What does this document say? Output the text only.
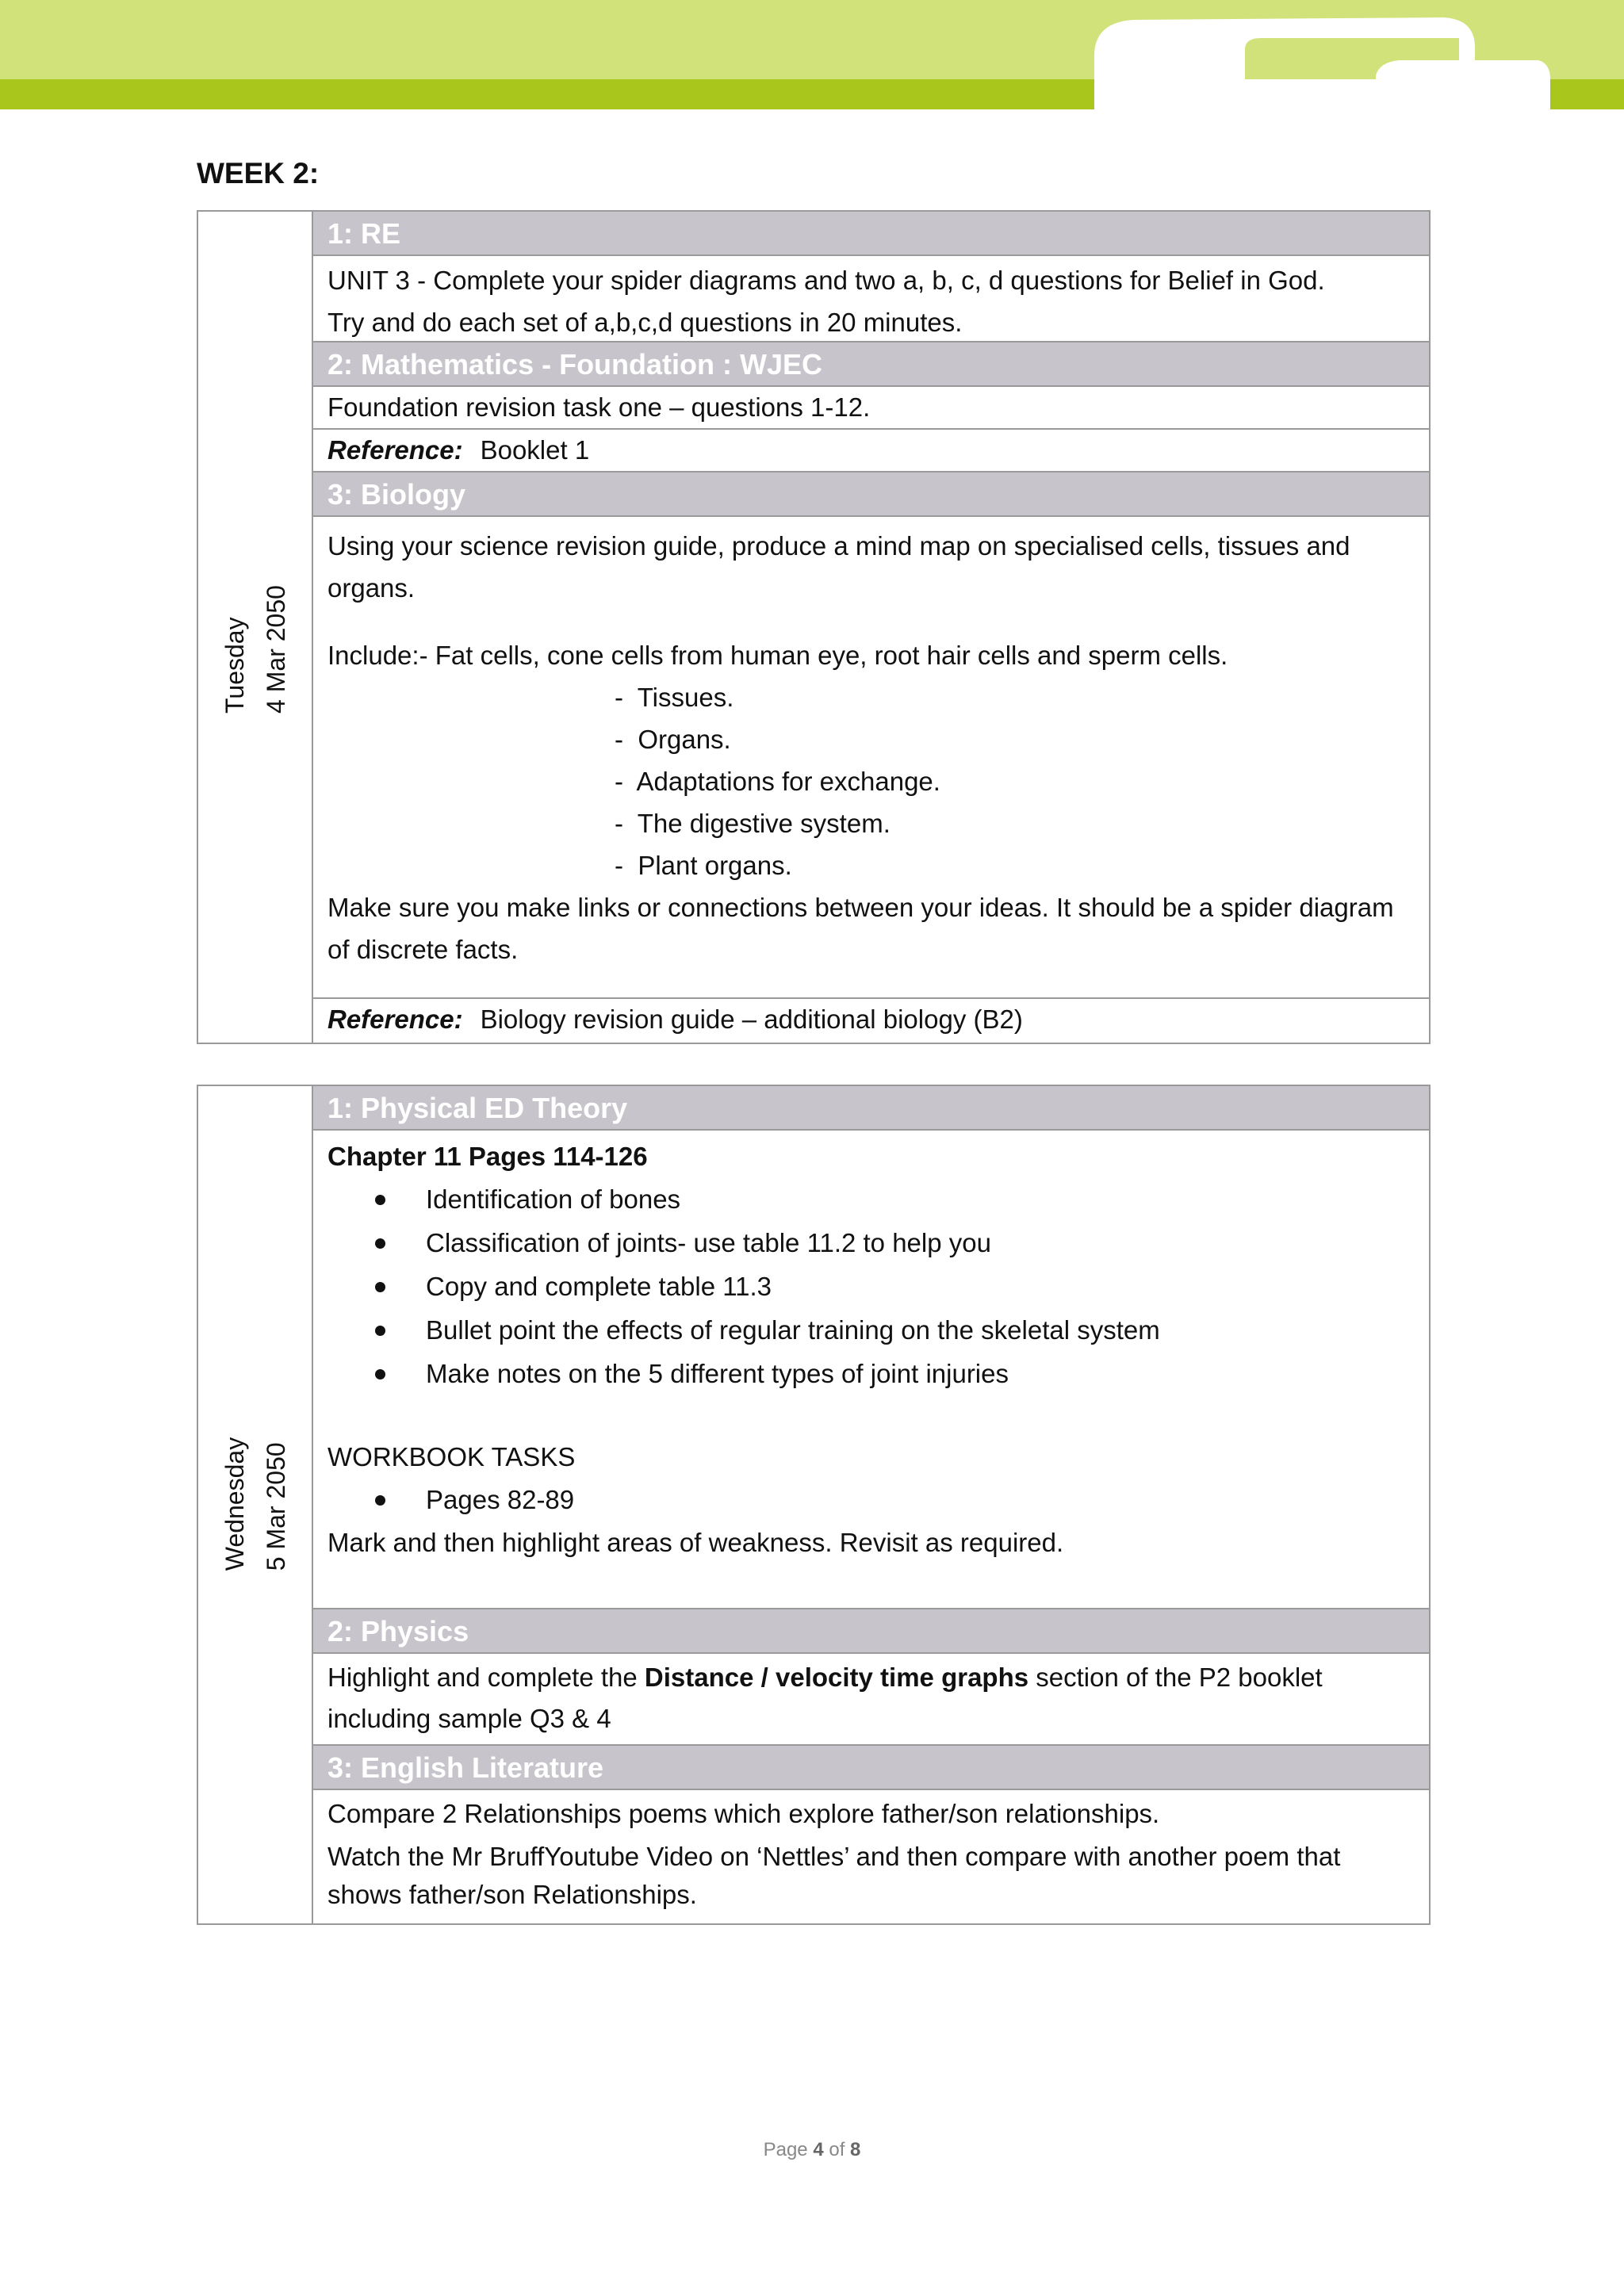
WEEK 2:
Tuesday 4 Mar 2050
1: RE

UNIT 3 - Complete your spider diagrams and two a, b, c, d questions for Belief in God.

Try and do each set of a,b,c,d questions in 20 minutes.

2: Mathematics - Foundation : WJEC

Foundation revision task one – questions 1-12.

Reference: Booklet 1
3: Biology

Using your science revision guide, produce a mind map on specialised cells, tissues and organs.

Include:- Fat cells, cone cells from human eye, root hair cells and sperm cells.

- Tissues.
- Organs.
- Adaptations for exchange.
- The digestive system.
- Plant organs.

Make sure you make links or connections between your ideas. It should be a spider diagram of discrete facts.

Reference: Biology revision guide – additional biology (B2)
Wednesday 5 Mar 2050
1: Physical ED Theory

Chapter 11 Pages 114-126

Identification of bones
Classification of joints- use table 11.2 to help you
Copy and complete table 11.3
Bullet point the effects of regular training on the skeletal system
Make notes on the 5 different types of joint injuries

WORKBOOK TASKS

Pages 82-89

Mark and then highlight areas of weakness. Revisit as required.

2: Physics

Highlight and complete the Distance / velocity time graphs section of the P2 booklet including sample Q3 & 4

3: English Literature

Compare 2 Relationships poems which explore father/son relationships.

Watch the Mr BruffYoutube Video on ‘Nettles’ and then compare with another poem that shows father/son Relationships.

Page 4 of 8
